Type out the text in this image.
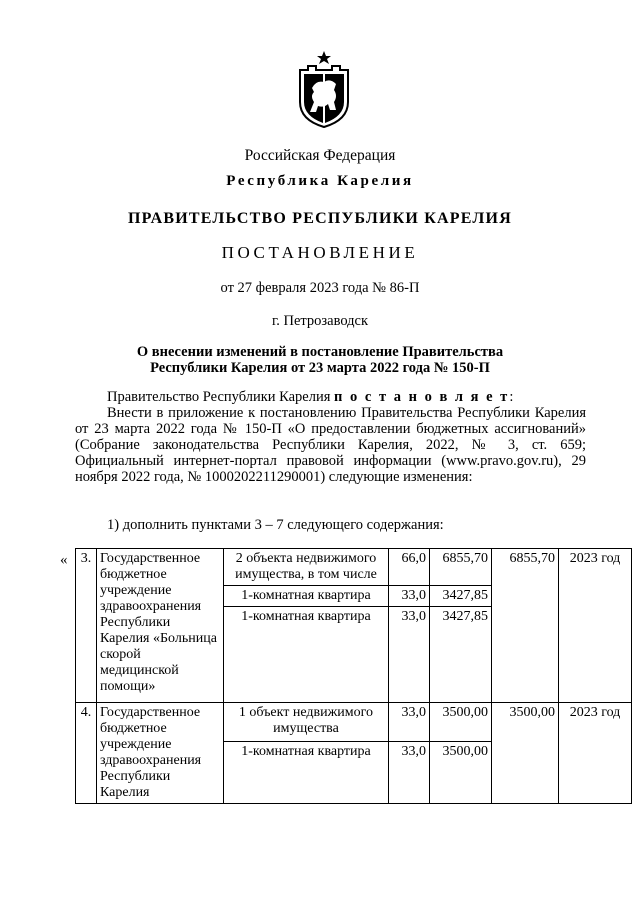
Российская Федерация
Республика Карелия
ПРАВИТЕЛЬСТВО РЕСПУБЛИКИ КАРЕЛИЯ
ПОСТАНОВЛЕНИЕ
от 27 февраля 2023 года № 86-П
г. Петрозаводск
О внесении изменений в постановление Правительства
Республики Карелия от 23 марта 2022 года № 150-П
Правительство Республики Карелия п о с т а н о в л я е т:
Внести в приложение к постановлению Правительства Республики Карелия от 23 марта 2022 года № 150-П «О предоставлении бюджетных ассигнований» (Собрание законодательства Республики Карелия, 2022, № 3, ст. 659; Официальный интернет-портал правовой информации (www.pravo.gov.ru), 29 ноября 2022 года, № 1000202211290001) следующие изменения:
1) дополнить пунктами 3 – 7 следующего содержания:
« 3.	Государственное бюджетное учреждение здравоохранения Республики Карелия «Больница скорой медицинской помощи»	2 объекта недвижимого имущества, в том числе	66,0	6855,70	6855,70	2023 год
		1-комнатная квартира	33,0	3427,85		
		1-комнатная квартира	33,0	3427,85		
4.	Государственное бюджетное учреждение здравоохранения Республики Карелия	1 объект недвижимого имущества	33,0	3500,00	3500,00	2023 год
		1-комнатная квартира	33,0	3500,00		
